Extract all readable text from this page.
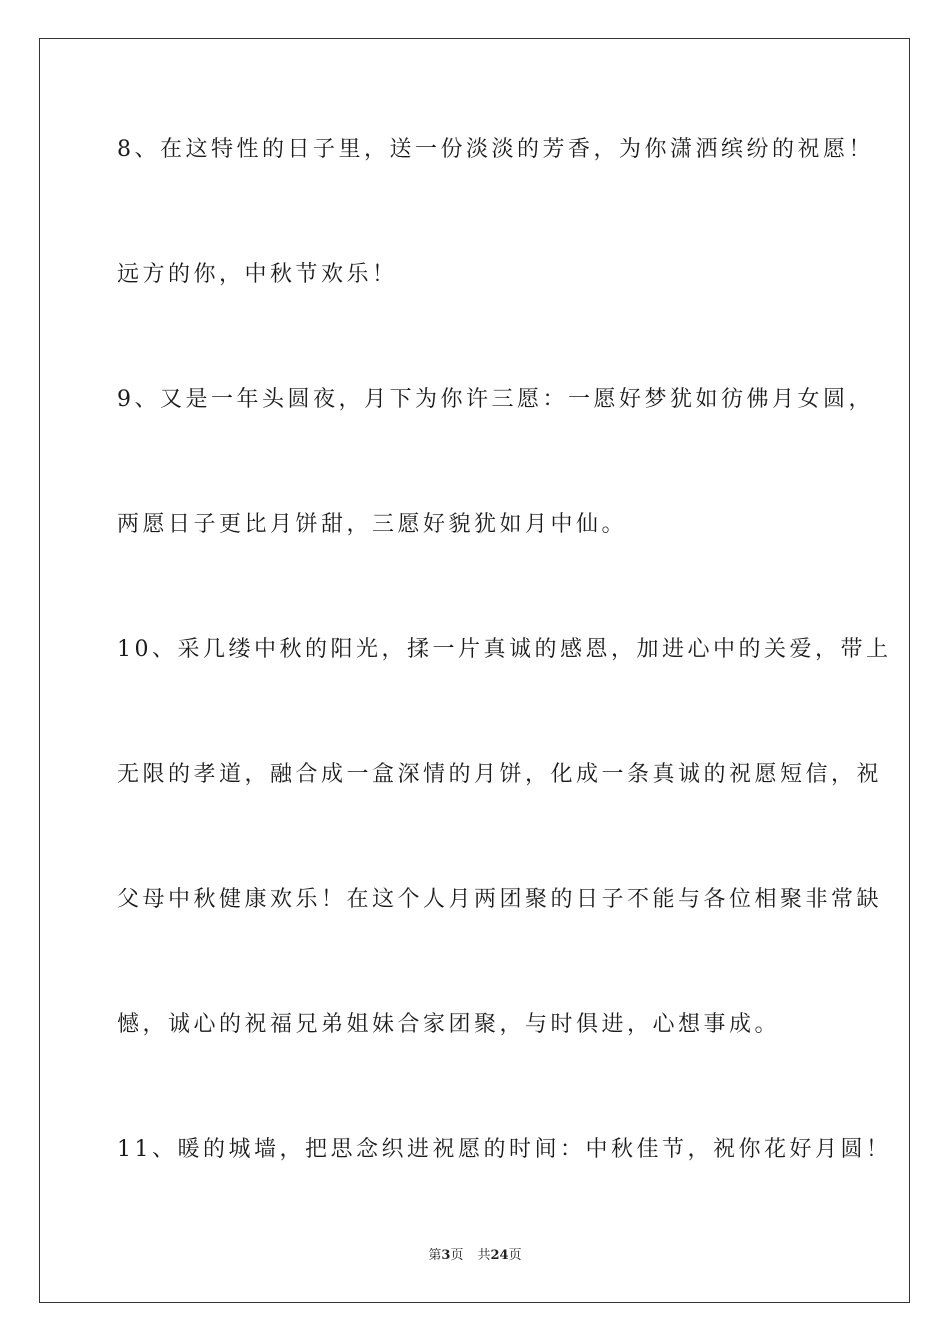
8、在这特性的日子里，送一份淡淡的芳香，为你潇洒缤纷的祝愿！
远方的你，中秋节欢乐！
9、又是一年头圆夜，月下为你许三愿：一愿好梦犹如彷佛月女圆，
两愿日子更比月饼甜，三愿好貌犹如月中仙。
10、采几缕中秋的阳光，揉一片真诚的感恩，加进心中的关爱，带上
无限的孝道，融合成一盒深情的月饼，化成一条真诚的祝愿短信，祝
父母中秋健康欢乐！在这个人月两团聚的日子不能与各位相聚非常缺
憾，诚心的祝福兄弟姐妹合家团聚，与时俱进，心想事成。
11、暖的城墙，把思念织进祝愿的时间：中秋佳节，祝你花好月圆！
第3页 共24页
